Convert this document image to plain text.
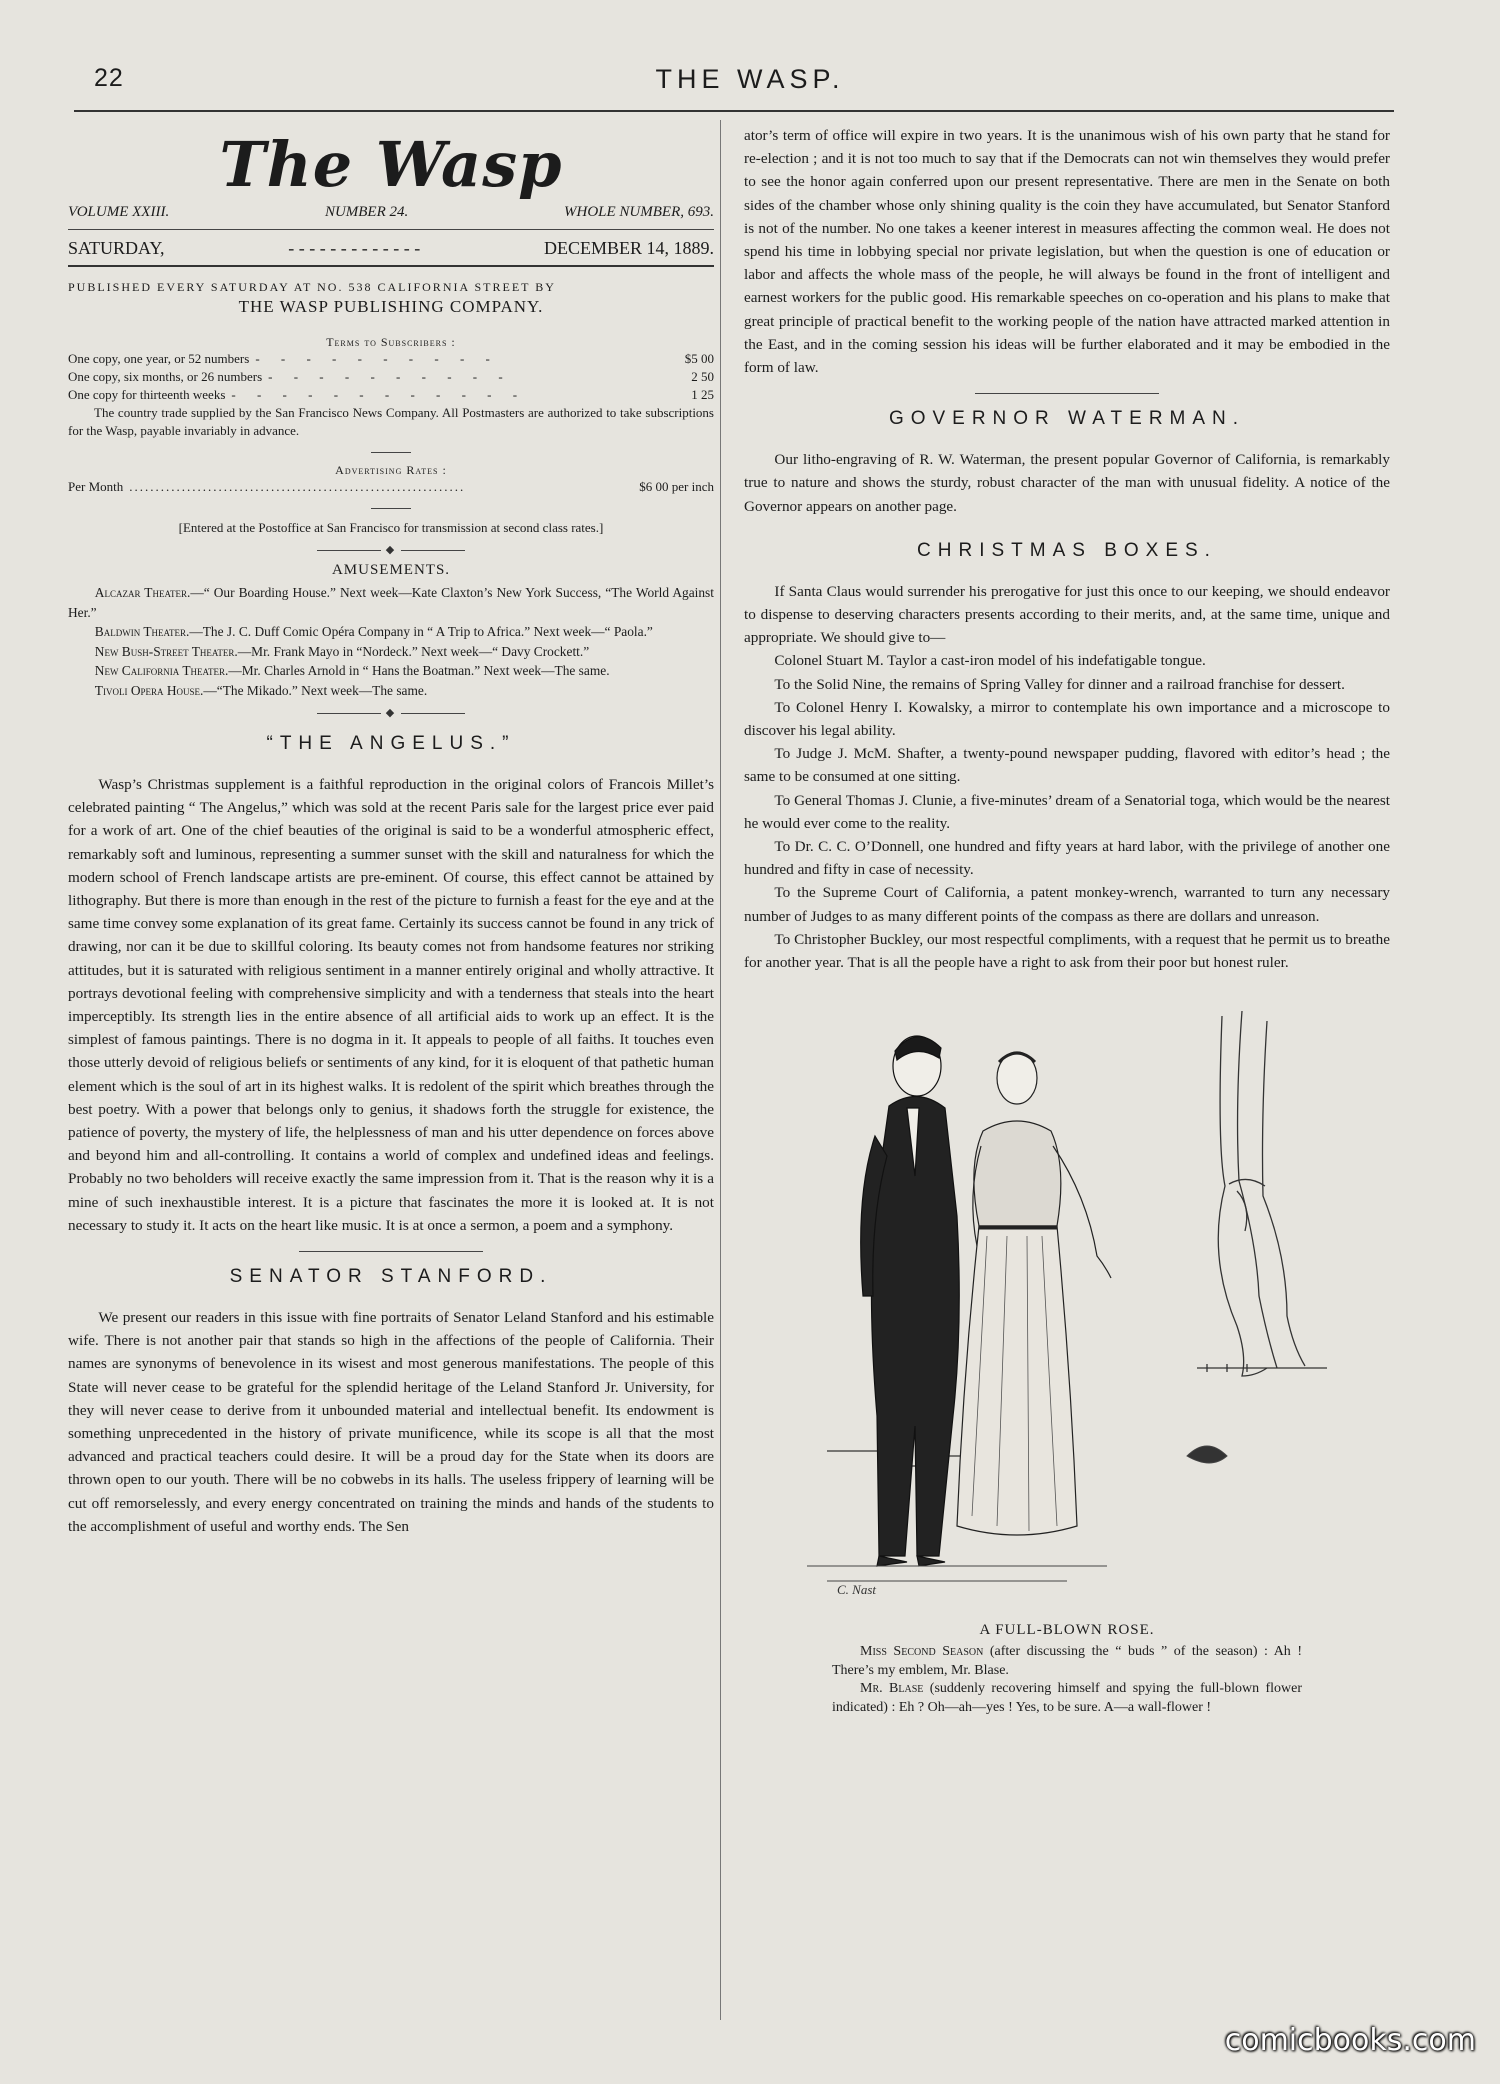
22	THE WASP.
The Wasp
VOLUME XXIII.	NUMBER 24.	WHOLE NUMBER, 693.
SATURDAY,	- - - - - - - - - - - - -	DECEMBER 14, 1889.
PUBLISHED EVERY SATURDAY AT NO. 538 CALIFORNIA STREET BY
THE WASP PUBLISHING COMPANY.
Terms to Subscribers :
One copy, one year, or 52 numbers - - - - - - - - - -	$5 00
One copy, six months, or 26 numbers - - - - - - - - - -	2 50
One copy for thirteenth weeks - - - - - - - - - - - -	1 25

The country trade supplied by the San Francisco News Company. All Postmasters are authorized to take subscriptions for the Wasp, payable invariably in advance.

Advertising Rates :
Per Month ................................................................	$6 00 per inch
[Entered at the Postoffice at San Francisco for transmission at second class rates.]
◆
AMUSEMENTS.
Alcazar Theater.—“ Our Boarding House.” Next week—Kate Claxton’s New York Success, “The World Against Her.”
Baldwin Theater.—The J. C. Duff Comic Opéra Company in “ A Trip to Africa.” Next week—“ Paola.”
New Bush-Street Theater.—Mr. Frank Mayo in “Nordeck.” Next week—“ Davy Crockett.”
New California Theater.—Mr. Charles Arnold in “ Hans the Boatman.” Next week—The same.
Tivoli Opera House.—“The Mikado.” Next week—The same.
◆
“THE ANGELUS.”

Wasp’s Christmas supplement is a faithful reproduction in the original colors of Francois Millet’s celebrated painting “ The Angelus,” which was sold at the recent Paris sale for the largest price ever paid for a work of art. One of the chief beauties of the original is said to be a wonderful atmospheric effect, remarkably soft and luminous, representing a summer sunset with the skill and naturalness for which the modern school of French landscape artists are pre-eminent. Of course, this effect cannot be attained by lithography. But there is more than enough in the rest of the picture to furnish a feast for the eye and at the same time convey some explanation of its great fame. Certainly its success cannot be found in any trick of drawing, nor can it be due to skillful coloring. Its beauty comes not from handsome features nor striking attitudes, but it is saturated with religious sentiment in a manner entirely original and wholly attractive. It portrays devotional feeling with comprehensive simplicity and with a tenderness that steals into the heart imperceptibly. Its strength lies in the entire absence of all artificial aids to work up an effect. It is the simplest of famous paintings. There is no dogma in it. It appeals to people of all faiths. It touches even those utterly devoid of religious beliefs or sentiments of any kind, for it is eloquent of that pathetic human element which is the soul of art in its highest walks. It is redolent of the spirit which breathes through the best poetry. With a power that belongs only to genius, it shadows forth the struggle for existence, the patience of poverty, the mystery of life, the helplessness of man and his utter dependence on forces above and beyond him and all-controlling. It contains a world of complex and undefined ideas and feelings. Probably no two beholders will receive exactly the same impression from it. That is the reason why it is a mine of such inexhaustible interest. It is a picture that fascinates the more it is looked at. It is not necessary to study it. It acts on the heart like music. It is at once a sermon, a poem and a symphony.

SENATOR STANFORD.

We present our readers in this issue with fine portraits of Senator Leland Stanford and his estimable wife. There is not another pair that stands so high in the affections of the people of California. Their names are synonyms of benevolence in its wisest and most generous manifestations. The people of this State will never cease to be grateful for the splendid heritage of the Leland Stanford Jr. University, for they will never cease to derive from it unbounded material and intellectual benefit. Its endowment is something unprecedented in the history of private munificence, while its scope is all that the most advanced and practical teachers could desire. It will be a proud day for the State when its doors are thrown open to our youth. There will be no cobwebs in its halls. The useless frippery of learning will be cut off remorselessly, and every energy concentrated on training the minds and hands of the students to the accomplishment of useful and worthy ends. The Sen

ator’s term of office will expire in two years. It is the unanimous wish of his own party that he stand for re-election ; and it is not too much to say that if the Democrats can not win themselves they would prefer to see the honor again conferred upon our present representative. There are men in the Senate on both sides of the chamber whose only shining quality is the coin they have accumulated, but Senator Stanford is not of the number. No one takes a keener interest in measures affecting the common weal. He does not spend his time in lobbying special nor private legislation, but when the question is one of education or labor and affects the whole mass of the people, he will always be found in the front of intelligent and earnest workers for the public good. His remarkable speeches on co-operation and his plans to make that great principle of practical benefit to the working people of the nation have attracted marked attention in the East, and in the coming session his ideas will be further elaborated and it may be embodied in the form of law.

GOVERNOR WATERMAN.

Our litho-engraving of R. W. Waterman, the present popular Governor of California, is remarkably true to nature and shows the sturdy, robust character of the man with unusual fidelity. A notice of the Governor appears on another page.

CHRISTMAS BOXES.

If Santa Claus would surrender his prerogative for just this once to our keeping, we should endeavor to dispense to deserving characters presents according to their merits, and, at the same time, unique and appropriate. We should give to—

Colonel Stuart M. Taylor a cast-iron model of his indefatigable tongue.

To the Solid Nine, the remains of Spring Valley for dinner and a railroad franchise for dessert.

To Colonel Henry I. Kowalsky, a mirror to contemplate his own importance and a microscope to discover his legal ability.

To Judge J. McM. Shafter, a twenty-pound newspaper pudding, flavored with editor’s head ; the same to be consumed at one sitting.

To General Thomas J. Clunie, a five-minutes’ dream of a Senatorial toga, which would be the nearest he would ever come to the reality.

To Dr. C. C. O’Donnell, one hundred and fifty years at hard labor, with the privilege of another one hundred and fifty in case of necessity.

To the Supreme Court of California, a patent monkey-wrench, warranted to turn any necessary number of Judges to as many different points of the compass as there are dollars and unreason.

To Christopher Buckley, our most respectful compliments, with a request that he permit us to breathe for another year. That is all the people have a right to ask from their poor but honest ruler.

C. Nast
A FULL-BLOWN ROSE.
Miss Second Season (after discussing the “ buds ” of the season) : Ah ! There’s my emblem, Mr. Blase.
Mr. Blase (suddenly recovering himself and spying the full-blown flower indicated) : Eh ? Oh—ah—yes ! Yes, to be sure. A—a wall-flower !
comicbooks.com
